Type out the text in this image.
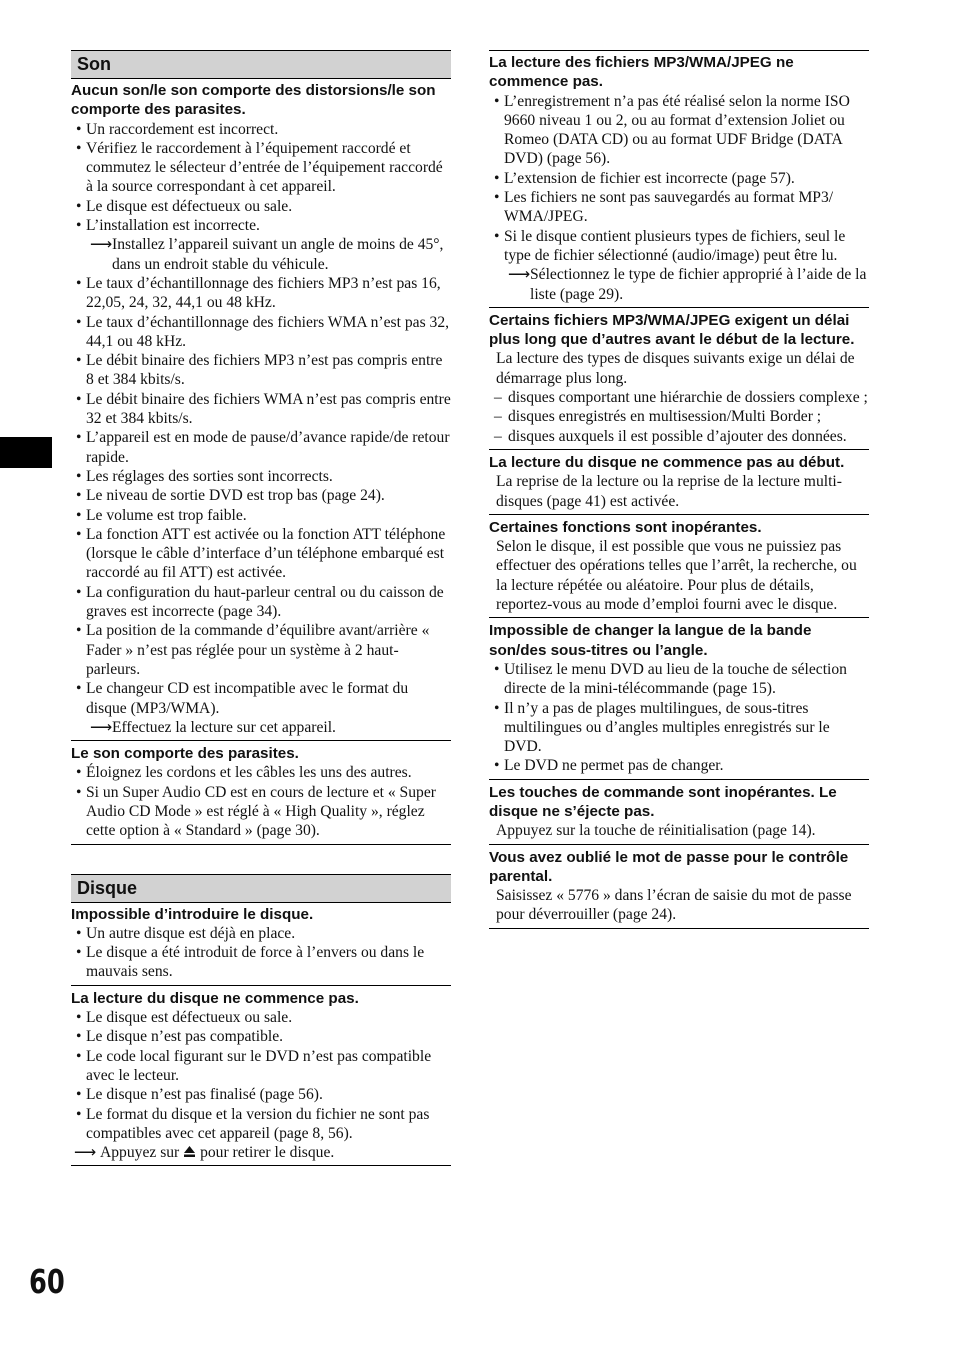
Son
Aucun son/le son comporte des distorsions/le son comporte des parasites.
• Un raccordement est incorrect.
• Vérifiez le raccordement à l’équipement raccordé et commutez le sélecteur d’entrée de l’équipement raccordé à la source correspondant à cet appareil.
• Le disque est défectueux ou sale.
• L’installation est incorrecte.
⟶ Installez l’appareil suivant un angle de moins de 45°, dans un endroit stable du véhicule.
• Le taux d’échantillonnage des fichiers MP3 n’est pas 16, 22,05, 24, 32, 44,1 ou 48 kHz.
• Le taux d’échantillonnage des fichiers WMA n’est pas 32, 44,1 ou 48 kHz.
• Le débit binaire des fichiers MP3 n’est pas compris entre 8 et 384 kbits/s.
• Le débit binaire des fichiers WMA n’est pas compris entre 32 et 384 kbits/s.
• L’appareil est en mode de pause/d’avance rapide/de retour rapide.
• Les réglages des sorties sont incorrects.
• Le niveau de sortie DVD est trop bas (page 24).
• Le volume est trop faible.
• La fonction ATT est activée ou la fonction ATT téléphone (lorsque le câble d’interface d’un téléphone embarqué est raccordé au fil ATT) est activée.
• La configuration du haut-parleur central ou du caisson de graves est incorrecte (page 34).
• La position de la commande d’équilibre avant/arrière « Fader » n’est pas réglée pour un système à 2 haut-parleurs.
• Le changeur CD est incompatible avec le format du disque (MP3/WMA).
⟶ Effectuez la lecture sur cet appareil.
Le son comporte des parasites.
• Éloignez les cordons et les câbles les uns des autres.
• Si un Super Audio CD est en cours de lecture et « Super Audio CD Mode » est réglé à « High Quality », réglez cette option à « Standard » (page 30).
Disque
Impossible d’introduire le disque.
• Un autre disque est déjà en place.
• Le disque a été introduit de force à l’envers ou dans le mauvais sens.
La lecture du disque ne commence pas.
• Le disque est défectueux ou sale.
• Le disque n’est pas compatible.
• Le code local figurant sur le DVD n’est pas compatible avec le lecteur.
• Le disque n’est pas finalisé (page 56).
• Le format du disque et la version du fichier ne sont pas compatibles avec cet appareil (page 8, 56).
⟶ Appuyez sur pour retirer le disque.
La lecture des fichiers MP3/WMA/JPEG ne commence pas.
• L’enregistrement n’a pas été réalisé selon la norme ISO 9660 niveau 1 ou 2, ou au format d’extension Joliet ou Romeo (DATA CD) ou au format UDF Bridge (DATA DVD) (page 56).
• L’extension de fichier est incorrecte (page 57).
• Les fichiers ne sont pas sauvegardés au format MP3/ WMA/JPEG.
• Si le disque contient plusieurs types de fichiers, seul le type de fichier sélectionné (audio/image) peut être lu.
⟶ Sélectionnez le type de fichier approprié à l’aide de la liste (page 29).
Certains fichiers MP3/WMA/JPEG exigent un délai plus long que d’autres avant le début de la lecture.

La lecture des types de disques suivants exige un délai de démarrage plus long.

– disques comportant une hiérarchie de dossiers complexe ;
– disques enregistrés en multisession/Multi Border ;
– disques auxquels il est possible d’ajouter des données.
La lecture du disque ne commence pas au début.

La reprise de la lecture ou la reprise de la lecture multi-disques (page 41) est activée.

Certaines fonctions sont inopérantes.

Selon le disque, il est possible que vous ne puissiez pas effectuer des opérations telles que l’arrêt, la recherche, ou la lecture répétée ou aléatoire. Pour plus de détails, reportez-vous au mode d’emploi fourni avec le disque.

Impossible de changer la langue de la bande son/des sous-titres ou l’angle.
• Utilisez le menu DVD au lieu de la touche de sélection directe de la mini-télécommande (page 15).
• Il n’y a pas de plages multilingues, de sous-titres multilingues ou d’angles multiples enregistrés sur le DVD.
• Le DVD ne permet pas de changer.
Les touches de commande sont inopérantes. Le disque ne s’éjecte pas.

Appuyez sur la touche de réinitialisation (page 14).

Vous avez oublié le mot de passe pour le contrôle parental.

Saisissez « 5776 » dans l’écran de saisie du mot de passe pour déverrouiller (page 24).

60
